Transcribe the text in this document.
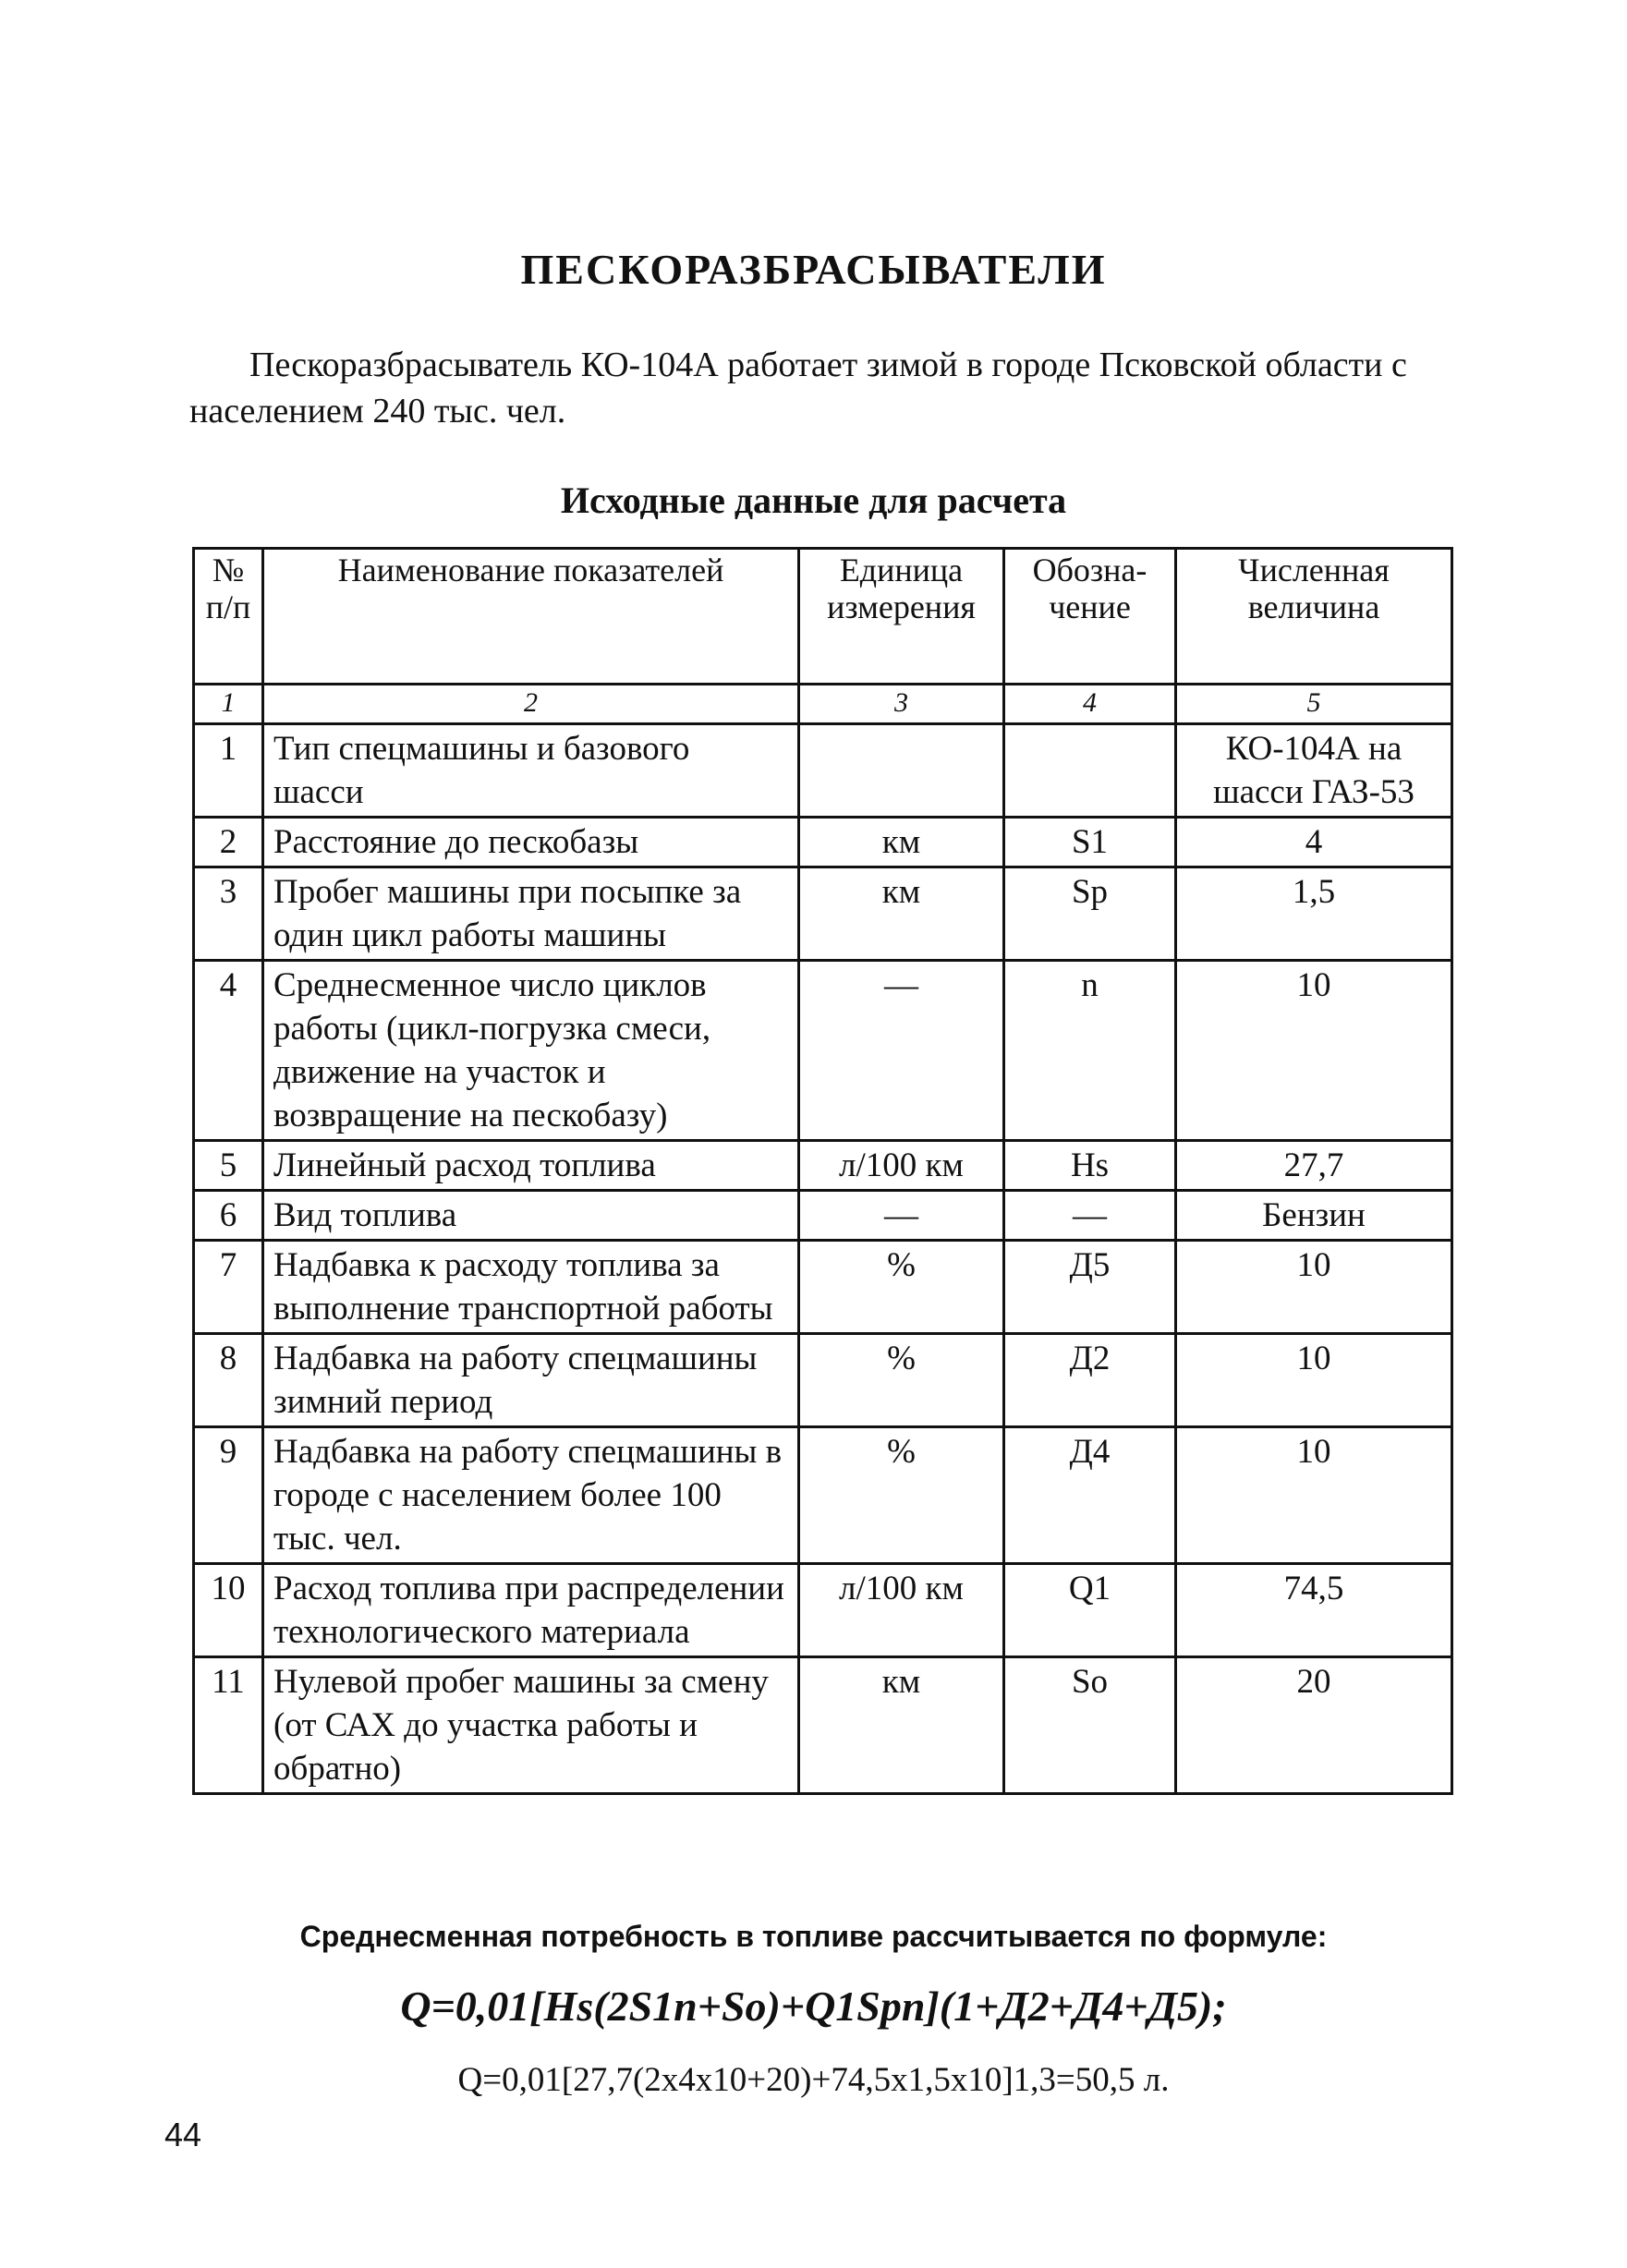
ПЕСКОРАЗБРАСЫВАТЕЛИ

Пескоразбрасыватель КО-104А работает зимой в городе Псковской области с населением 240 тыс. чел.

Исходные данные для расчета
№ п/п	Наименование показателей	Единица измерения	Обозна-чение	Численная величина
1	2	3	4	5
1	Тип спецмашины и базового шасси			КО-104А на шасси ГАЗ-53
2	Расстояние до пескобазы	км	S1	4
3	Пробег машины при посыпке за один цикл работы машины	км	Sp	1,5
4	Среднесменное число циклов работы (цикл-погрузка смеси, движение на участок и возвращение на пескобазу)	—	n	10
5	Линейный расход топлива	л/100 км	Hs	27,7
6	Вид топлива	—	—	Бензин
7	Надбавка к расходу топлива за выполнение транспортной работы	%	Д5	10
8	Надбавка на работу спецмашины зимний период	%	Д2	10
9	Надбавка на работу спецмашины в городе с населением более 100 тыс. чел.	%	Д4	10
10	Расход топлива при распределении технологического материала	л/100 км	Q1	74,5
11	Нулевой пробег машины за смену (от САХ до участка работы и обратно)	км	So	20

Среднесменная потребность в топливе рассчитывается по формуле:

Q=0,01[Hs(2S1n+So)+Q1Spn](1+Д2+Д4+Д5);

Q=0,01[27,7(2x4x10+20)+74,5x1,5x10]1,3=50,5 л.

44
